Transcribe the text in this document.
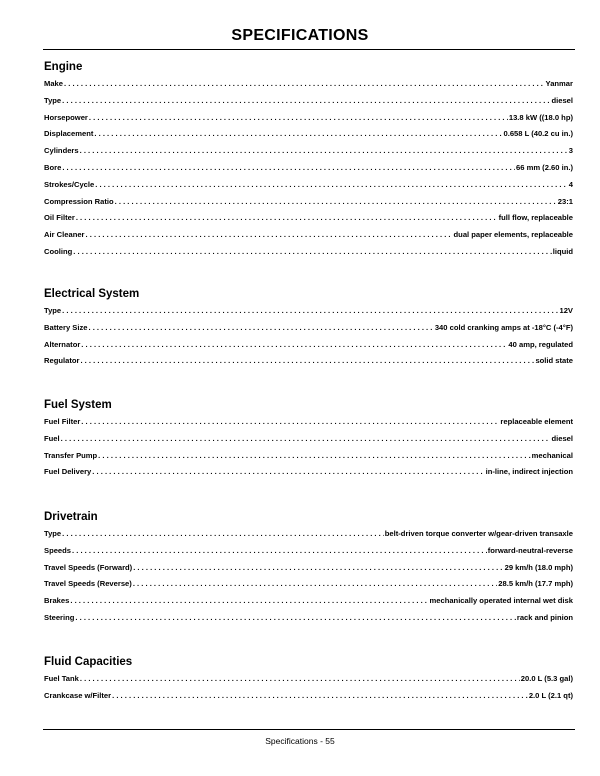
SPECIFICATIONS
Engine
Make . . .	Yanmar
Type . . .	diesel
Horsepower . . .	13.8 kW ((18.0 hp)
Displacement . . .	0.658 L (40.2 cu in.)
Cylinders . . .	3
Bore . . .	66 mm (2.60 in.)
Strokes/Cycle . . .	4
Compression Ratio . . .	23:1
Oil Filter . . .	full flow, replaceable
Air Cleaner . . .	dual paper elements, replaceable
Cooling . . .	liquid
Electrical System
Type . . .	12V
Battery Size . . .	340 cold cranking amps at -18°C (-4°F)
Alternator . . .	40 amp, regulated
Regulator . . .	solid state
Fuel System
Fuel Filter . . .	replaceable element
Fuel . . .	diesel
Transfer Pump . . .	mechanical
Fuel Delivery . . .	in-line, indirect injection
Drivetrain
Type . . .	belt-driven torque converter w/gear-driven transaxle
Speeds . . .	forward-neutral-reverse
Travel Speeds (Forward) . . .	29 km/h (18.0 mph)
Travel Speeds (Reverse) . . .	28.5 km/h (17.7 mph)
Brakes . . .	mechanically operated internal wet disk
Steering . . .	rack and pinion
Fluid Capacities
Fuel Tank . . .	20.0 L (5.3 gal)
Crankcase w/Filter . . .	2.0 L (2.1 qt)
Specifications - 55
